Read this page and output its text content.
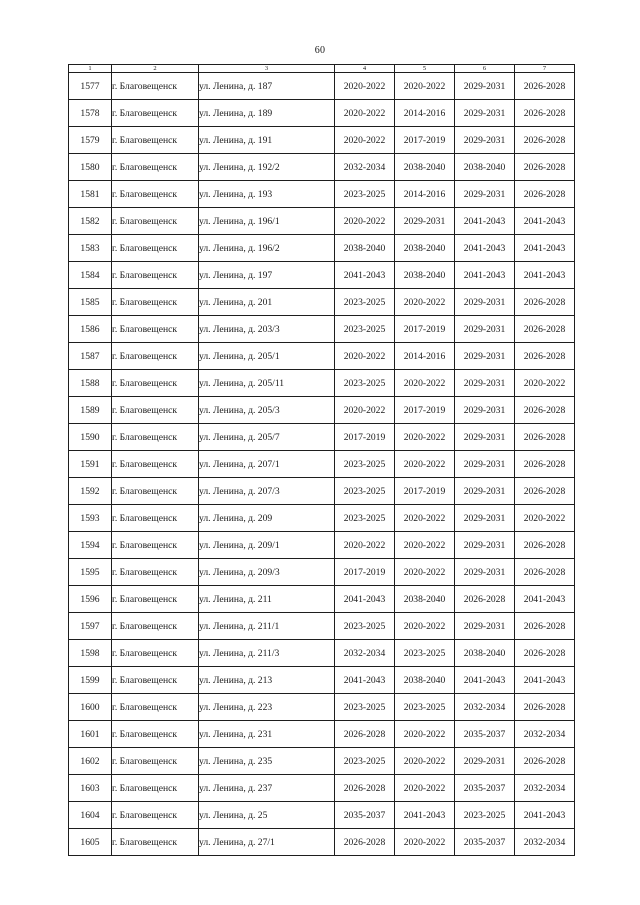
60
1	2	3	4	5	6	7
1577	г. Благовещенск	ул. Ленина, д. 187	2020-2022	2020-2022	2029-2031	2026-2028
1578	г. Благовещенск	ул. Ленина, д. 189	2020-2022	2014-2016	2029-2031	2026-2028
1579	г. Благовещенск	ул. Ленина, д. 191	2020-2022	2017-2019	2029-2031	2026-2028
1580	г. Благовещенск	ул. Ленина, д. 192/2	2032-2034	2038-2040	2038-2040	2026-2028
1581	г. Благовещенск	ул. Ленина, д. 193	2023-2025	2014-2016	2029-2031	2026-2028
1582	г. Благовещенск	ул. Ленина, д. 196/1	2020-2022	2029-2031	2041-2043	2041-2043
1583	г. Благовещенск	ул. Ленина, д. 196/2	2038-2040	2038-2040	2041-2043	2041-2043
1584	г. Благовещенск	ул. Ленина, д. 197	2041-2043	2038-2040	2041-2043	2041-2043
1585	г. Благовещенск	ул. Ленина, д. 201	2023-2025	2020-2022	2029-2031	2026-2028
1586	г. Благовещенск	ул. Ленина, д. 203/3	2023-2025	2017-2019	2029-2031	2026-2028
1587	г. Благовещенск	ул. Ленина, д. 205/1	2020-2022	2014-2016	2029-2031	2026-2028
1588	г. Благовещенск	ул. Ленина, д. 205/11	2023-2025	2020-2022	2029-2031	2020-2022
1589	г. Благовещенск	ул. Ленина, д. 205/3	2020-2022	2017-2019	2029-2031	2026-2028
1590	г. Благовещенск	ул. Ленина, д. 205/7	2017-2019	2020-2022	2029-2031	2026-2028
1591	г. Благовещенск	ул. Ленина, д. 207/1	2023-2025	2020-2022	2029-2031	2026-2028
1592	г. Благовещенск	ул. Ленина, д. 207/3	2023-2025	2017-2019	2029-2031	2026-2028
1593	г. Благовещенск	ул. Ленина, д. 209	2023-2025	2020-2022	2029-2031	2020-2022
1594	г. Благовещенск	ул. Ленина, д. 209/1	2020-2022	2020-2022	2029-2031	2026-2028
1595	г. Благовещенск	ул. Ленина, д. 209/3	2017-2019	2020-2022	2029-2031	2026-2028
1596	г. Благовещенск	ул. Ленина, д. 211	2041-2043	2038-2040	2026-2028	2041-2043
1597	г. Благовещенск	ул. Ленина, д. 211/1	2023-2025	2020-2022	2029-2031	2026-2028
1598	г. Благовещенск	ул. Ленина, д. 211/3	2032-2034	2023-2025	2038-2040	2026-2028
1599	г. Благовещенск	ул. Ленина, д. 213	2041-2043	2038-2040	2041-2043	2041-2043
1600	г. Благовещенск	ул. Ленина, д. 223	2023-2025	2023-2025	2032-2034	2026-2028
1601	г. Благовещенск	ул. Ленина, д. 231	2026-2028	2020-2022	2035-2037	2032-2034
1602	г. Благовещенск	ул. Ленина, д. 235	2023-2025	2020-2022	2029-2031	2026-2028
1603	г. Благовещенск	ул. Ленина, д. 237	2026-2028	2020-2022	2035-2037	2032-2034
1604	г. Благовещенск	ул. Ленина, д. 25	2035-2037	2041-2043	2023-2025	2041-2043
1605	г. Благовещенск	ул. Ленина, д. 27/1	2026-2028	2020-2022	2035-2037	2032-2034
